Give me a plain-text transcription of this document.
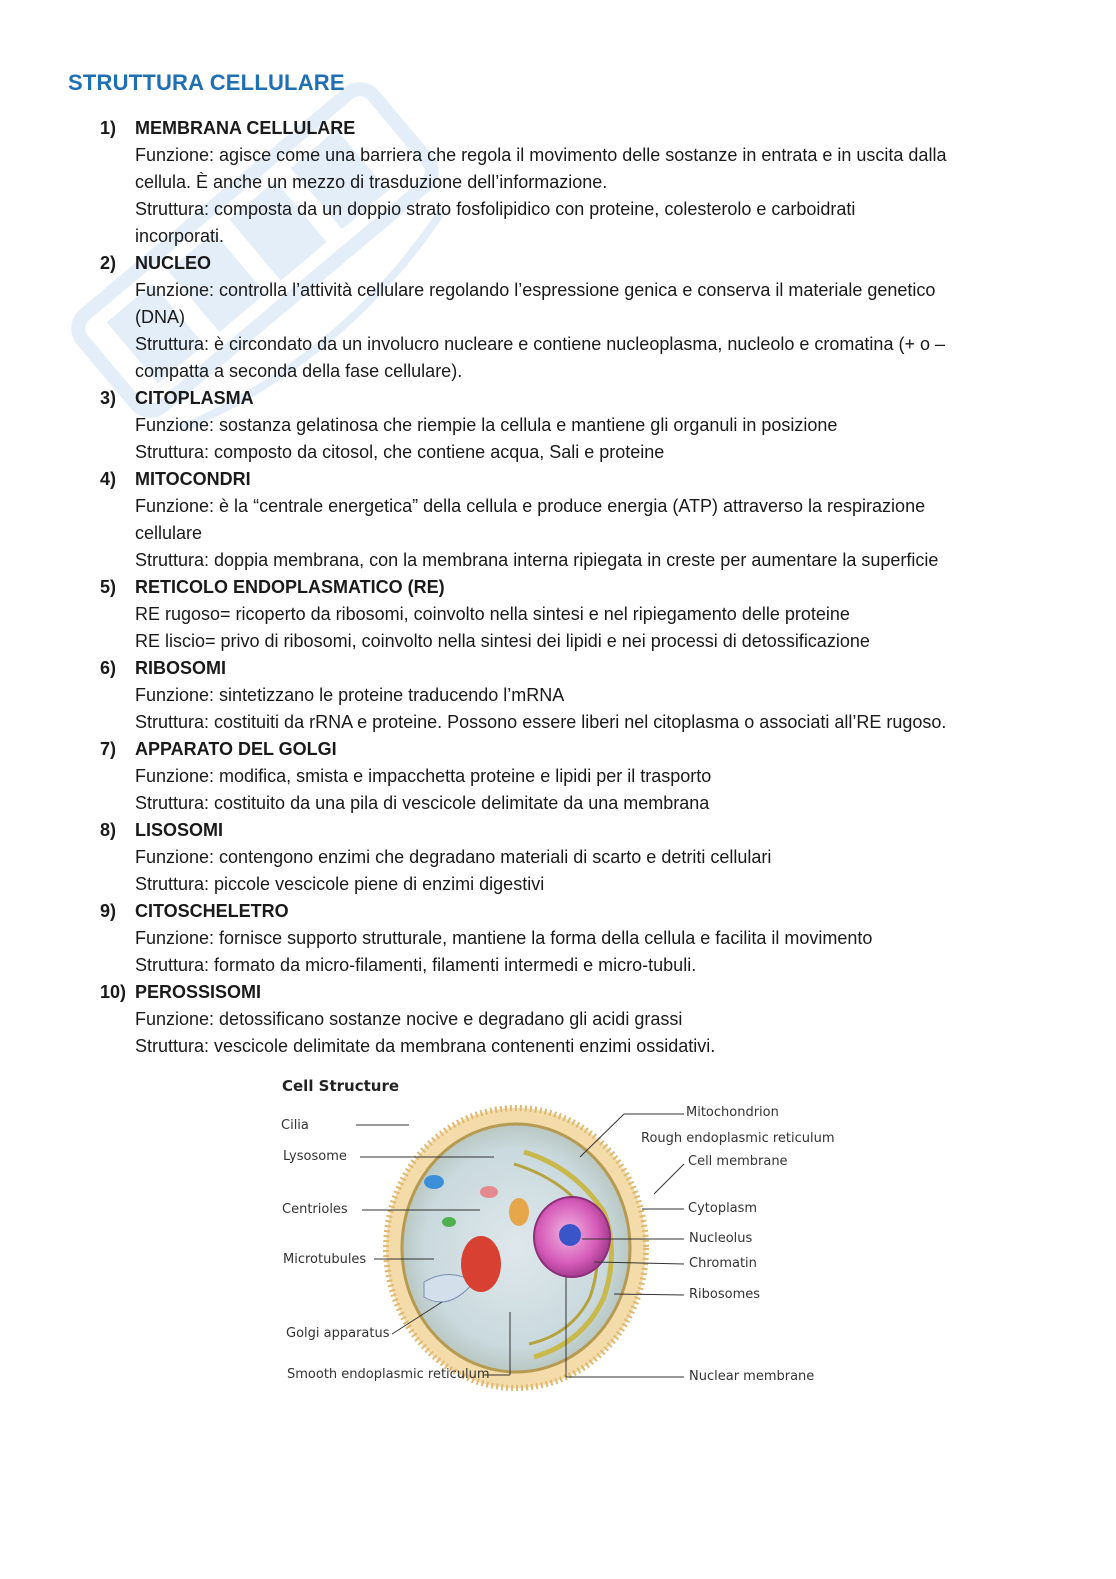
STRUTTURA CELLULARE
1)	MEMBRANA CELLULARE
Funzione: agisce come una barriera che regola il movimento delle sostanze in entrata e in uscita dalla
cellula. È anche un mezzo di trasduzione dell’informazione.
Struttura: composta da un doppio strato fosfolipidico con proteine, colesterolo e carboidrati
incorporati.
2)	NUCLEO
Funzione: controlla l’attività cellulare regolando l’espressione genica e conserva il materiale genetico
(DNA)
Struttura: è circondato da un involucro nucleare e contiene nucleoplasma, nucleolo e cromatina (+ o –
compatta a seconda della fase cellulare).
3)	CITOPLASMA
Funzione: sostanza gelatinosa che riempie la cellula e mantiene gli organuli in posizione
Struttura: composto da citosol, che contiene acqua, Sali e proteine
4)	MITOCONDRI
Funzione: è la “centrale energetica” della cellula e produce energia (ATP) attraverso la respirazione
cellulare
Struttura: doppia membrana, con la membrana interna ripiegata in creste per aumentare la superficie
5)	RETICOLO ENDOPLASMATICO (RE)
RE rugoso= ricoperto da ribosomi, coinvolto nella sintesi e nel ripiegamento delle proteine
RE liscio= privo di ribosomi, coinvolto nella sintesi dei lipidi e nei processi di detossificazione
6)	RIBOSOMI
Funzione: sintetizzano le proteine traducendo l’mRNA
Struttura: costituiti da rRNA e proteine. Possono essere liberi nel citoplasma o associati all’RE rugoso.
7)	APPARATO DEL GOLGI
Funzione: modifica, smista e impacchetta proteine e lipidi per il trasporto
Struttura: costituito da una pila di vescicole delimitate da una membrana
8)	LISOSOMI
Funzione: contengono enzimi che degradano materiali di scarto e detriti cellulari
Struttura: piccole vescicole piene di enzimi digestivi
9)	CITOSCHELETRO
Funzione: fornisce supporto strutturale, mantiene la forma della cellula e facilita il movimento
Struttura: formato da micro-filamenti, filamenti intermedi e micro-tubuli.
10) PEROSSISOMI
Funzione: detossificano sostanze nocive e degradano gli acidi grassi
Struttura: vescicole delimitate da membrana contenenti enzimi ossidativi.
Cell Structure
Cilia
Lysosome
Centrioles
Microtubules
Golgi apparatus
Smooth endoplasmic reticulum
Mitochondrion
Rough endoplasmic reticulum
Cell membrane
Cytoplasm
Nucleolus
Chromatin
Ribosomes
Nuclear membrane
